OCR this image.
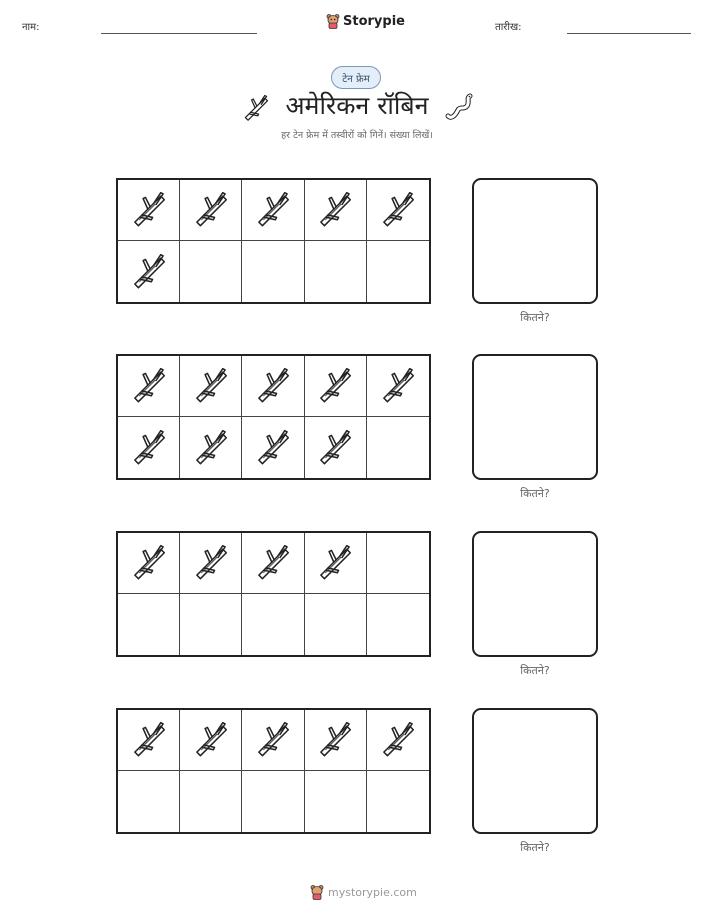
नाम:	Storypie	तारीख:
टेन फ्रेम
अमेरिकन रॉबिन
हर टेन फ्रेम में तस्वीरों को गिनें। संख्या लिखें।
कितने?
कितने?
कितने?
कितने?
mystorypie.com
